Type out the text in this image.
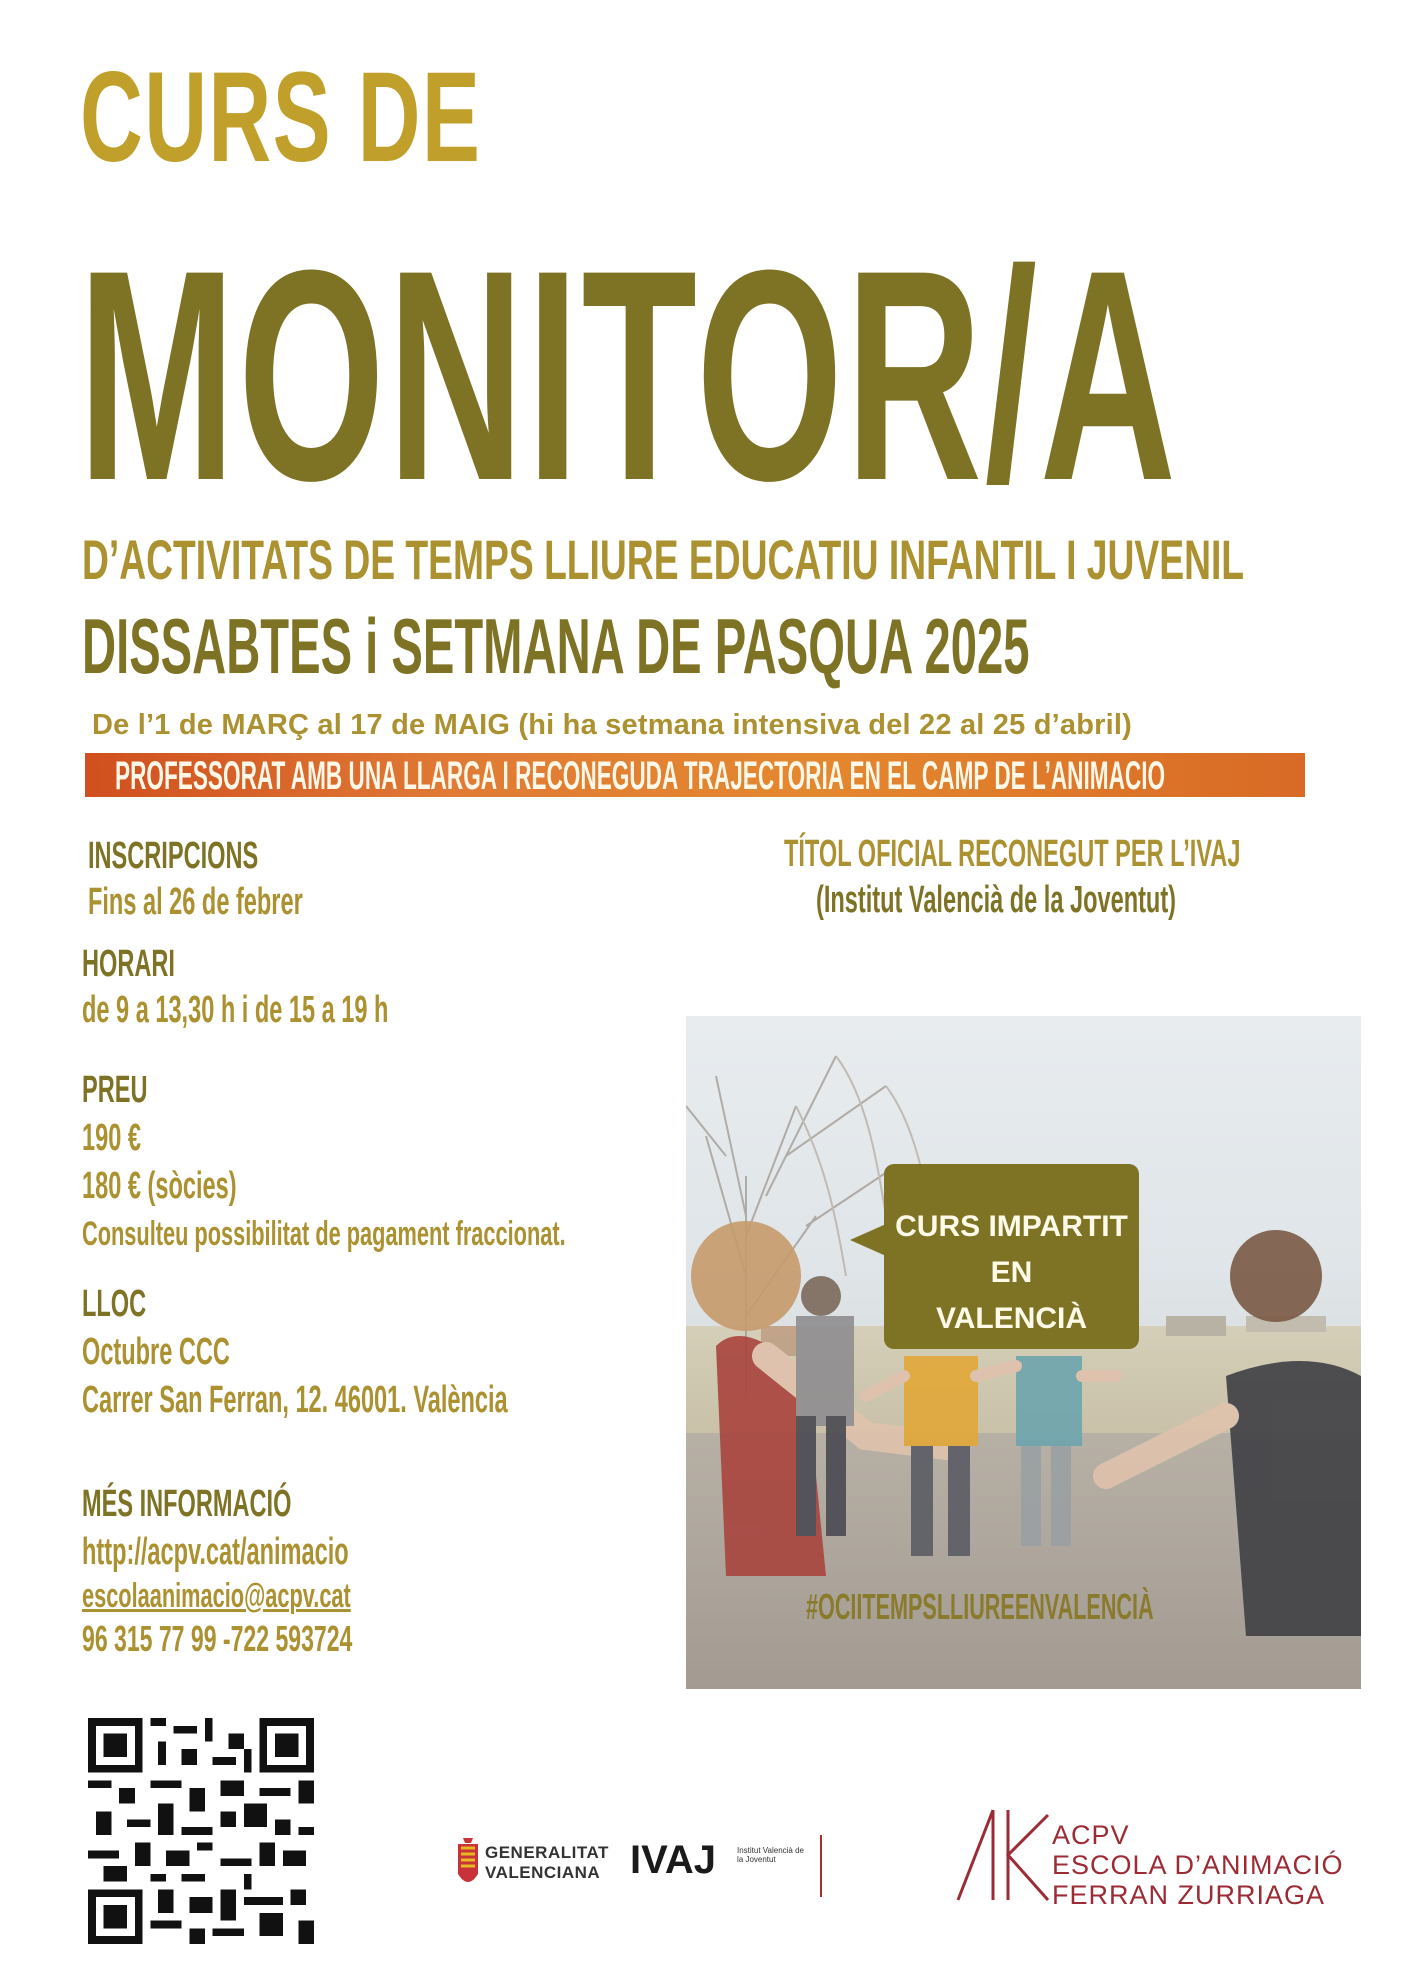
CURS DE
MONITOR/A
D’ACTIVITATS DE TEMPS LLIURE EDUCATIU INFANTIL I JUVENIL
DISSABTES i SETMANA DE PASQUA 2025
De l’1 de MARÇ al 17 de MAIG (hi ha setmana intensiva del 22 al 25 d’abril)
PROFESSORAT AMB UNA LLARGA I RECONEGUDA TRAJECTORIA EN EL CAMP DE L’ANIMACIO
INSCRIPCIONS
Fins al 26 de febrer
HORARI
de 9 a 13,30 h i de 15 a 19 h
PREU
190 €
180 € (sòcies)
Consulteu possibilitat de pagament fraccionat.
LLOC
Octubre CCC
Carrer San Ferran, 12. 46001. València
MÉS INFORMACIÓ
http://acpv.cat/animacio
escolaanimacio@acpv.cat
96 315 77 99 -722 593724
TÍTOL OFICIAL RECONEGUT PER L’IVAJ
(Institut Valencià de la Joventut)
CURS IMPARTIT EN
VALENCIÀ
#OCIITEMPSLLIUREENVALENCIÀ
GENERALITAT
VALENCIANA IVAJ	Institut Valencià de la Joventut
ACPV
ESCOLA D’ANIMACIÓ
FERRAN ZURRIAGA
